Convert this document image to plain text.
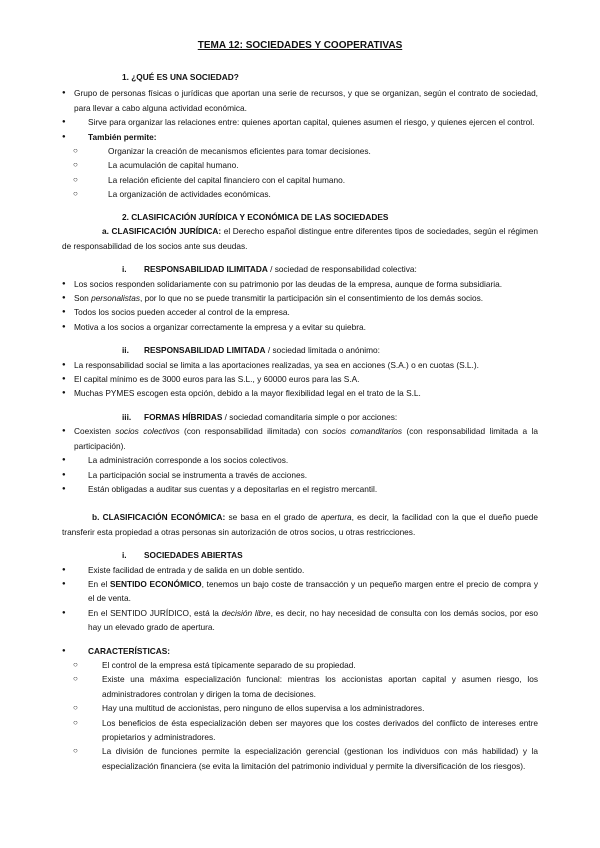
TEMA 12: SOCIEDADES Y COOPERATIVAS

1. ¿QUÉ ES UNA SOCIEDAD?

● Grupo de personas físicas o jurídicas que aportan una serie de recursos, y que se organizan, según el contrato de sociedad, para llevar a cabo alguna actividad económica.

● Sirve para organizar las relaciones entre: quienes aportan capital, quienes asumen el riesgo, y quienes ejercen el control.

● También permite:

○ Organizar la creación de mecanismos eficientes para tomar decisiones.

○ La acumulación de capital humano.

○ La relación eficiente del capital financiero con el capital humano.

○ La organización de actividades económicas.

2. CLASIFICACIÓN JURÍDICA Y ECONÓMICA DE LAS SOCIEDADES

a. CLASIFICACIÓN JURÍDICA: el Derecho español distingue entre diferentes tipos de sociedades, según el régimen de responsabilidad de los socios ante sus deudas.

i. RESPONSABILIDAD ILIMITADA / sociedad de responsabilidad colectiva:

● Los socios responden solidariamente con su patrimonio por las deudas de la empresa, aunque de forma subsidiaria.

● Son personalistas, por lo que no se puede transmitir la participación sin el consentimiento de los demás socios.

● Todos los socios pueden acceder al control de la empresa.

● Motiva a los socios a organizar correctamente la empresa y a evitar su quiebra.

ii. RESPONSABILIDAD LIMITADA / sociedad limitada o anónimo:

● La responsabilidad social se limita a las aportaciones realizadas, ya sea en acciones (S.A.) o en cuotas (S.L.).

● El capital mínimo es de 3000 euros para las S.L., y 60000 euros para las S.A.

● Muchas PYMES escogen esta opción, debido a la mayor flexibilidad legal en el trato de la S.L.

iii. FORMAS HÍBRIDAS / sociedad comanditaria simple o por acciones:

● Coexisten socios colectivos (con responsabilidad ilimitada) con socios comanditarios (con responsabilidad limitada a la participación).

● La administración corresponde a los socios colectivos.

● La participación social se instrumenta a través de acciones.

● Están obligadas a auditar sus cuentas y a depositarlas en el registro mercantil.

b. CLASIFICACIÓN ECONÓMICA: se basa en el grado de apertura, es decir, la facilidad con la que el dueño puede transferir esta propiedad a otras personas sin autorización de otros socios, u otras restricciones.

i. SOCIEDADES ABIERTAS

● Existe facilidad de entrada y de salida en un doble sentido.

● En el SENTIDO ECONÓMICO, tenemos un bajo coste de transacción y un pequeño margen entre el precio de compra y el de venta.

● En el SENTIDO JURÍDICO, está la decisión libre, es decir, no hay necesidad de consulta con los demás socios, por eso hay un elevado grado de apertura.

● CARACTERÍSTICAS:

○ El control de la empresa está típicamente separado de su propiedad.

○ Existe una máxima especialización funcional: mientras los accionistas aportan capital y asumen riesgo, los administradores controlan y dirigen la toma de decisiones.

○ Hay una multitud de accionistas, pero ninguno de ellos supervisa a los administradores.

○ Los beneficios de ésta especialización deben ser mayores que los costes derivados del conflicto de intereses entre propietarios y administradores.

○ La división de funciones permite la especialización gerencial (gestionan los individuos con más habilidad) y la especialización financiera (se evita la limitación del patrimonio individual y permite la diversificación de los riesgos).
